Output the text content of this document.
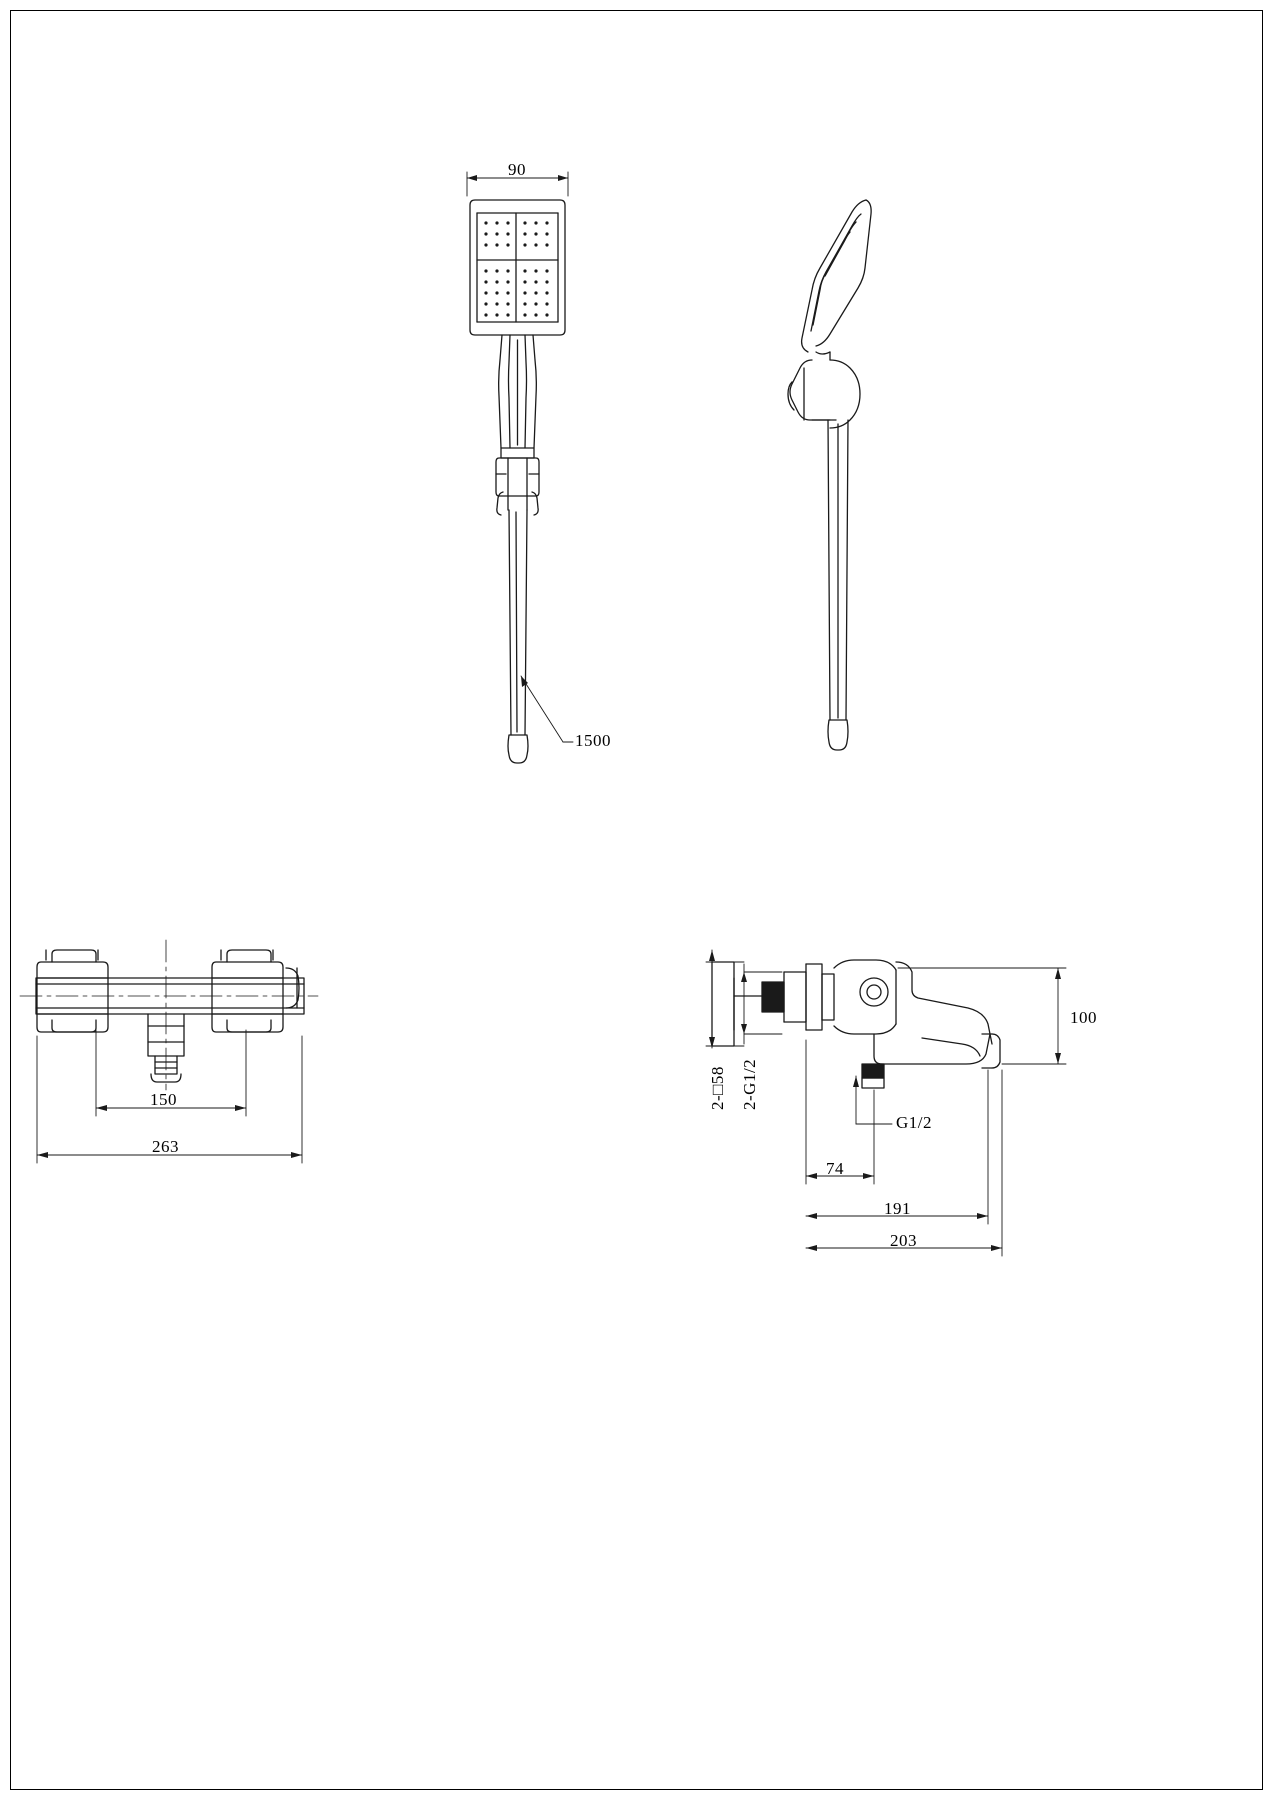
90
1500
150
263
2-□58 2-G1/2
G1/2
74
191
203
100
